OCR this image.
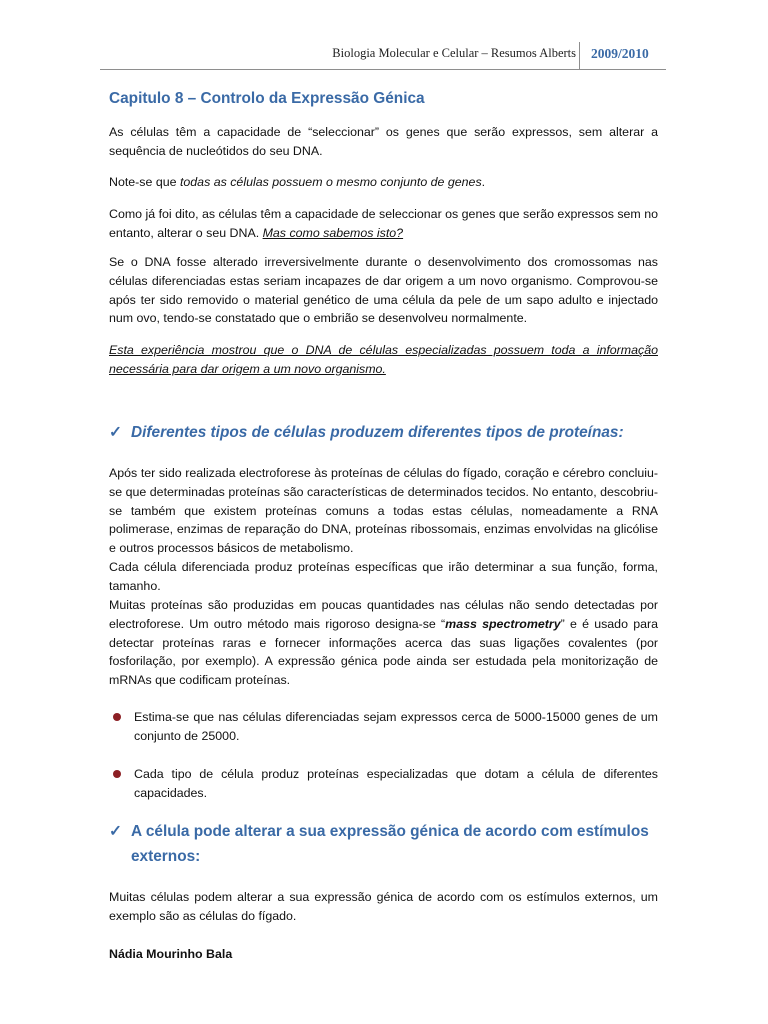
Biologia Molecular e Celular – Resumos Alberts 2009/2010
Capitulo 8 – Controlo da Expressão Génica

As células têm a capacidade de “seleccionar” os genes que serão expressos, sem alterar a sequência de nucleótidos do seu DNA.

Note-se que todas as células possuem o mesmo conjunto de genes.

Como já foi dito, as células têm a capacidade de seleccionar os genes que serão expressos sem no entanto, alterar o seu DNA. Mas como sabemos isto?

Se o DNA fosse alterado irreversivelmente durante o desenvolvimento dos cromossomas nas células diferenciadas estas seriam incapazes de dar origem a um novo organismo. Comprovou-se após ter sido removido o material genético de uma célula da pele de um sapo adulto e injectado num ovo, tendo-se constatado que o embrião se desenvolveu normalmente.

Esta experiência mostrou que o DNA de células especializadas possuem toda a informação necessária para dar origem a um novo organismo.

✓ Diferentes tipos de células produzem diferentes tipos de proteínas:

Após ter sido realizada electroforese às proteínas de células do fígado, coração e cérebro concluiu-se que determinadas proteínas são características de determinados tecidos. No entanto, descobriu-se também que existem proteínas comuns a todas estas células, nomeadamente a RNA polimerase, enzimas de reparação do DNA, proteínas ribossomais, enzimas envolvidas na glicólise e outros processos básicos de metabolismo.

Cada célula diferenciada produz proteínas específicas que irão determinar a sua função, forma, tamanho.

Muitas proteínas são produzidas em poucas quantidades nas células não sendo detectadas por electroforese. Um outro método mais rigoroso designa-se “mass spectrometry” e é usado para detectar proteínas raras e fornecer informações acerca das suas ligações covalentes (por fosforilação, por exemplo). A expressão génica pode ainda ser estudada pela monitorização de mRNAs que codificam proteínas.

Estima-se que nas células diferenciadas sejam expressos cerca de 5000-15000 genes de um conjunto de 25000.

Cada tipo de célula produz proteínas especializadas que dotam a célula de diferentes capacidades.

✓ A célula pode alterar a sua expressão génica de acordo com estímulos
externos:

Muitas células podem alterar a sua expressão génica de acordo com os estímulos externos, um exemplo são as células do fígado.

Nádia Mourinho Bala
